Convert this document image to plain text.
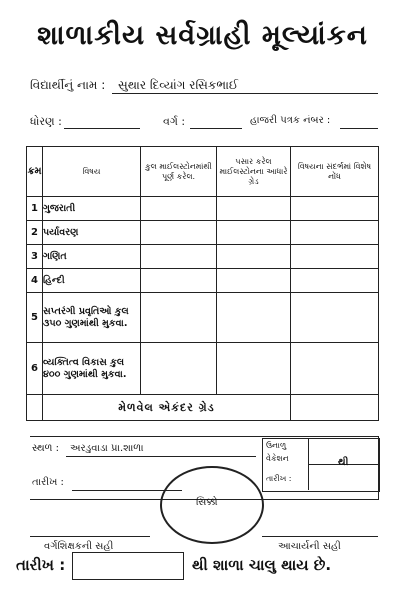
શાળાકીય સર્વગ્રાહી મૂલ્યાંકન
વિદ્યાર્થીનું નામ : સુથાર દિવ્યાંગ રસિકભાઈ
ધોરણ :	વર્ગ :	હાજરી પત્રક નંબર :
ક્રમ	વિષય	કુલ માઈલસ્ટોનમાંથી પૂર્ણ કરેલ.	પસાર કરેલ માઈલસ્ટોનના આધારે ગ્રેડ	વિષયના સંદર્ભમાં વિશેષ નોંધ
1	ગુજરાતી			
2	પર્યાવરણ			
3	ગણિત			
4	હિન્દી			
5	સપ્તરંગી પ્રવૃતિઓ કુલ ૩૫૦ ગુણમાંથી મુકવા.			
6	વ્યક્તિત્વ વિકાસ કુલ ૪૦૦ ગુણમાંથી મુકવા.			
	મેળવેલ એકંદર ગ્રેડ			
સ્થળ : અરડુવાડા પ્રા.શાળા
તારીખ :
ઉનાળુ
વેકેશન	થી
તારીખ :
સિક્કો
વર્ગશિક્ષકની સહી	આચાર્યની સહી
તારીખ :	થી શાળા ચાલુ થાય છે.
